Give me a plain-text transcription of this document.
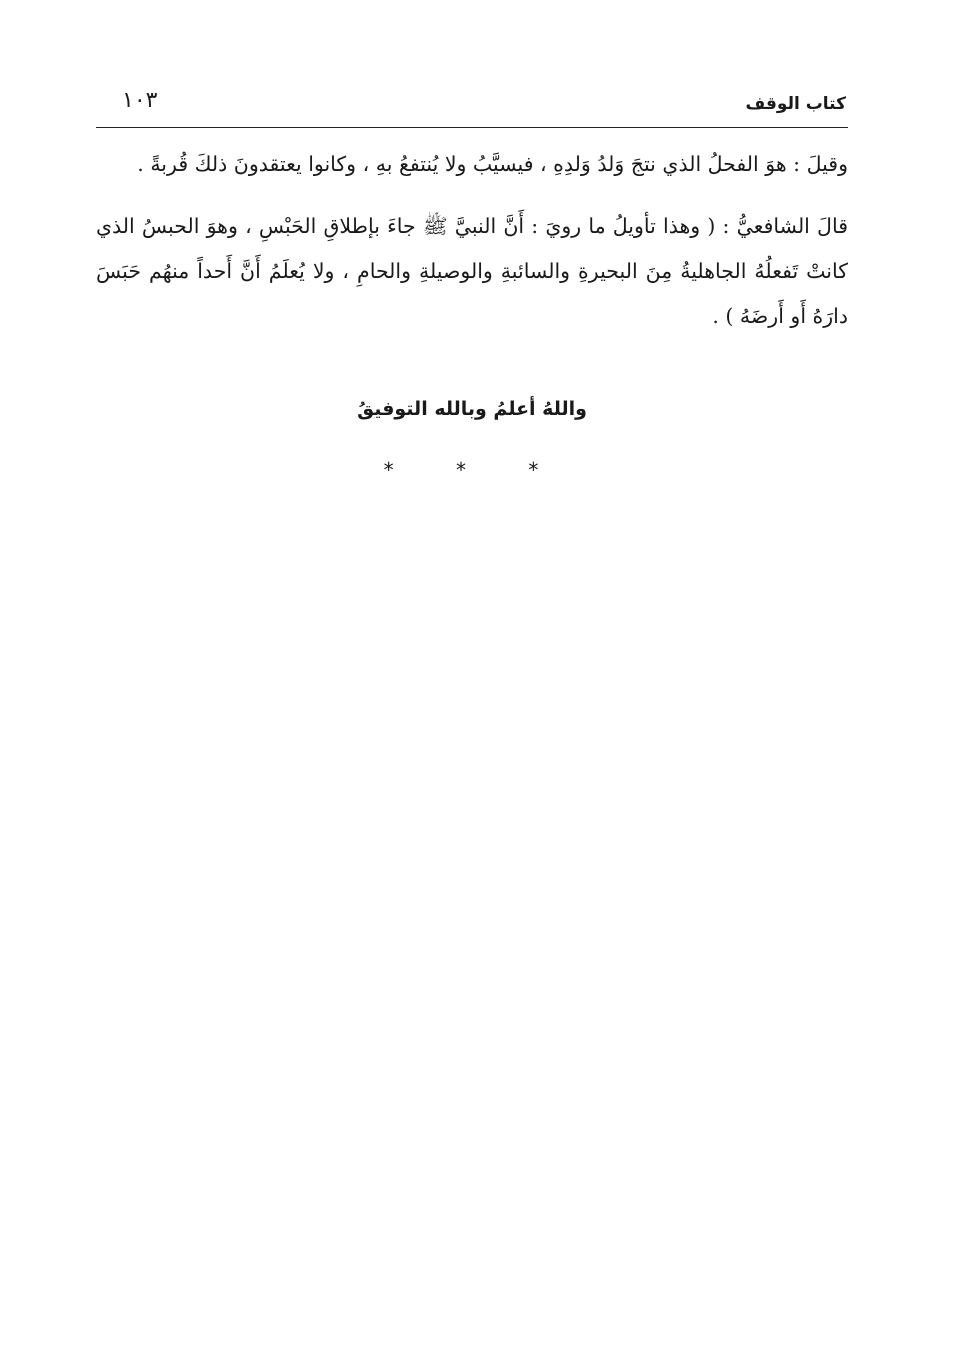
كتاب الوقف
١٠٣

وقيلَ : هوَ الفحلُ الذي نتجَ وَلدُ وَلدِهِ ، فيسيَّبُ ولا يُنتفعُ بهِ ، وكانوا يعتقدونَ ذلكَ قُربةً .

قالَ الشافعيُّ : ( وهذا تأويلُ ما رويَ : أَنَّ النبيَّ ﷺ جاءَ بإطلاقِ الحَبْسِ ، وهوَ الحبسُ الذي كانتْ تَفعلُهُ الجاهليةُ مِنَ البحيرةِ والسائبةِ والوصيلةِ والحامِ ، ولا يُعلَمُ أَنَّ أَحداً منهُم حَبَسَ دارَهُ أَو أَرضَهُ ) .

واللهُ أعلمُ وبالله التوفيقُ
* * *
